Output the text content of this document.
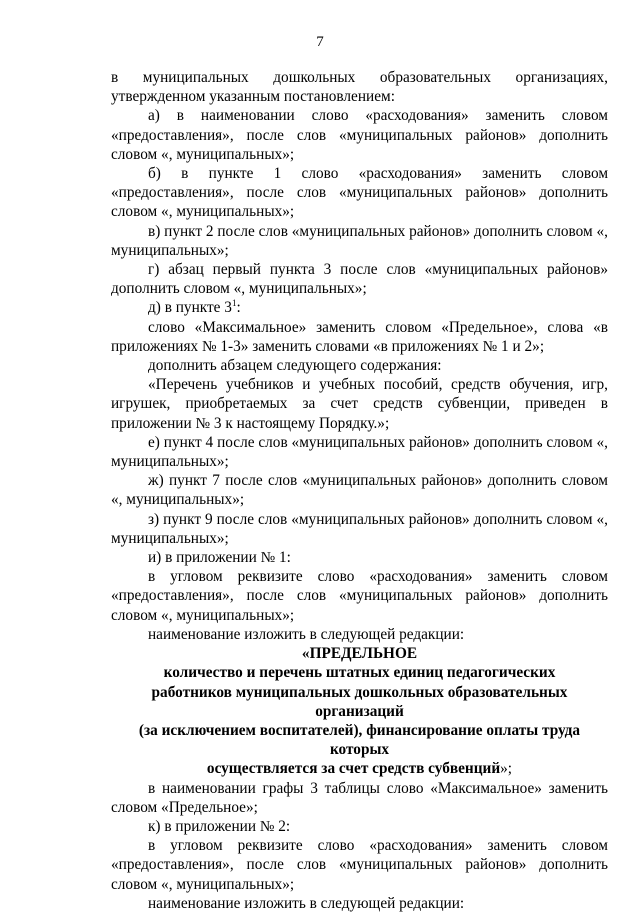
7

в муниципальных дошкольных образовательных организациях,

утвержденном указанным постановлением:

а) в наименовании слово «расходования» заменить словом «предоставления», после слов «муниципальных районов» дополнить словом «, муниципальных»;

б) в пункте 1 слово «расходования» заменить словом «предоставления», после слов «муниципальных районов» дополнить словом «, муниципальных»;

в) пункт 2 после слов «муниципальных районов» дополнить словом «, муниципальных»;

г) абзац первый пункта 3 после слов «муниципальных районов» дополнить словом «, муниципальных»;

д) в пункте $3^1$:

слово «Максимальное» заменить словом «Предельное», слова «в приложениях № 1-3» заменить словами «в приложениях № 1 и 2»;

дополнить абзацем следующего содержания:

«Перечень учебников и учебных пособий, средств обучения, игр, игрушек, приобретаемых за счет средств субвенции, приведен в приложении № 3 к настоящему Порядку.»;

е) пункт 4 после слов «муниципальных районов» дополнить словом «, муниципальных»;

ж) пункт 7 после слов «муниципальных районов» дополнить словом «, муниципальных»;

з) пункт 9 после слов «муниципальных районов» дополнить словом «, муниципальных»;

и) в приложении № 1:

в угловом реквизите слово «расходования» заменить словом «предоставления», после слов «муниципальных районов» дополнить словом «, муниципальных»;

наименование изложить в следующей редакции:

«ПРЕДЕЛЬНОЕ

количество и перечень штатных единиц педагогических

работников муниципальных дошкольных образовательных организаций

(за исключением воспитателей), финансирование оплаты труда которых

осуществляется за счет средств субвенций»;

в наименовании графы 3 таблицы слово «Максимальное» заменить словом «Предельное»;

к) в приложении № 2:

в угловом реквизите слово «расходования» заменить словом «предоставления», после слов «муниципальных районов» дополнить словом «, муниципальных»;

наименование изложить в следующей редакции:
